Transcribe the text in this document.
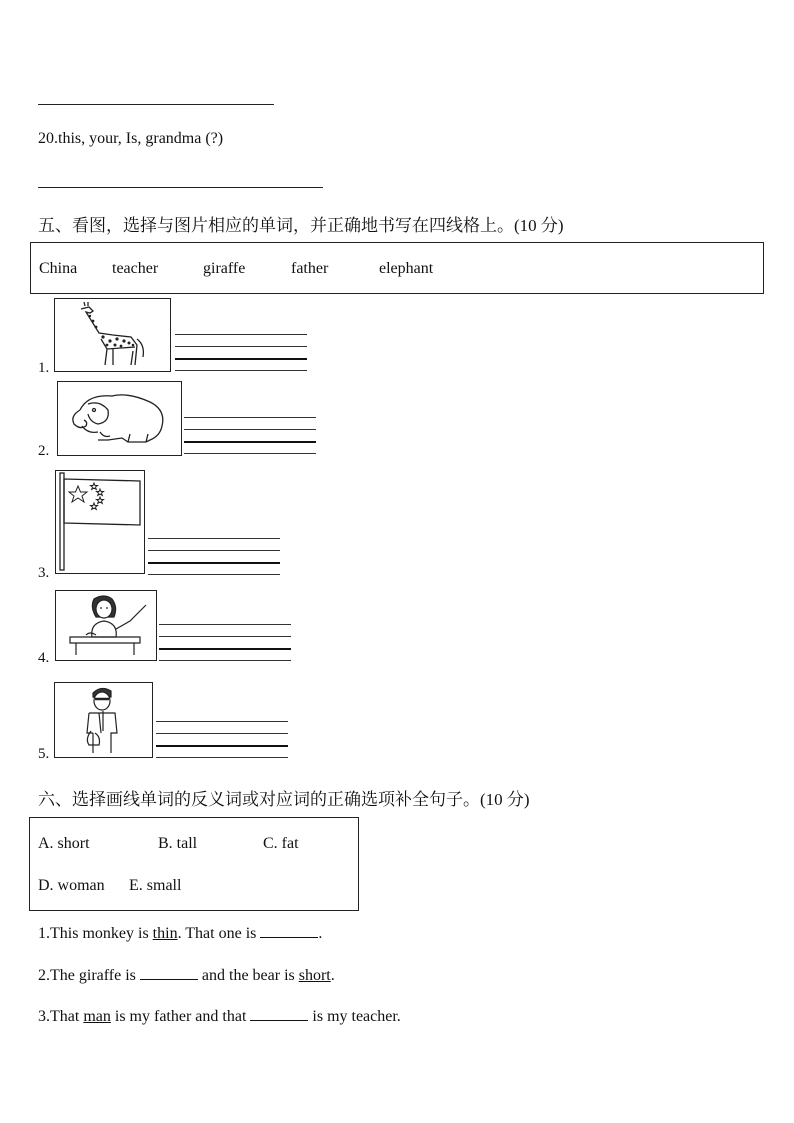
20.this, your, Is, grandma (?)
五、看图，选择与图片相应的单词，并正确地书写在四线格上。(10 分)
China teacher	giraffe	father	elephant
1.
2.
3.
4.
5.
六、选择画线单词的反义词或对应词的正确选项补全句子。(10 分)
A. short	B. tall	C. fat
D. woman E. small
1.This monkey is thin. That one is	.
2.The giraffe is	and the bear is short.
3.That man is my father and that	is my teacher.
